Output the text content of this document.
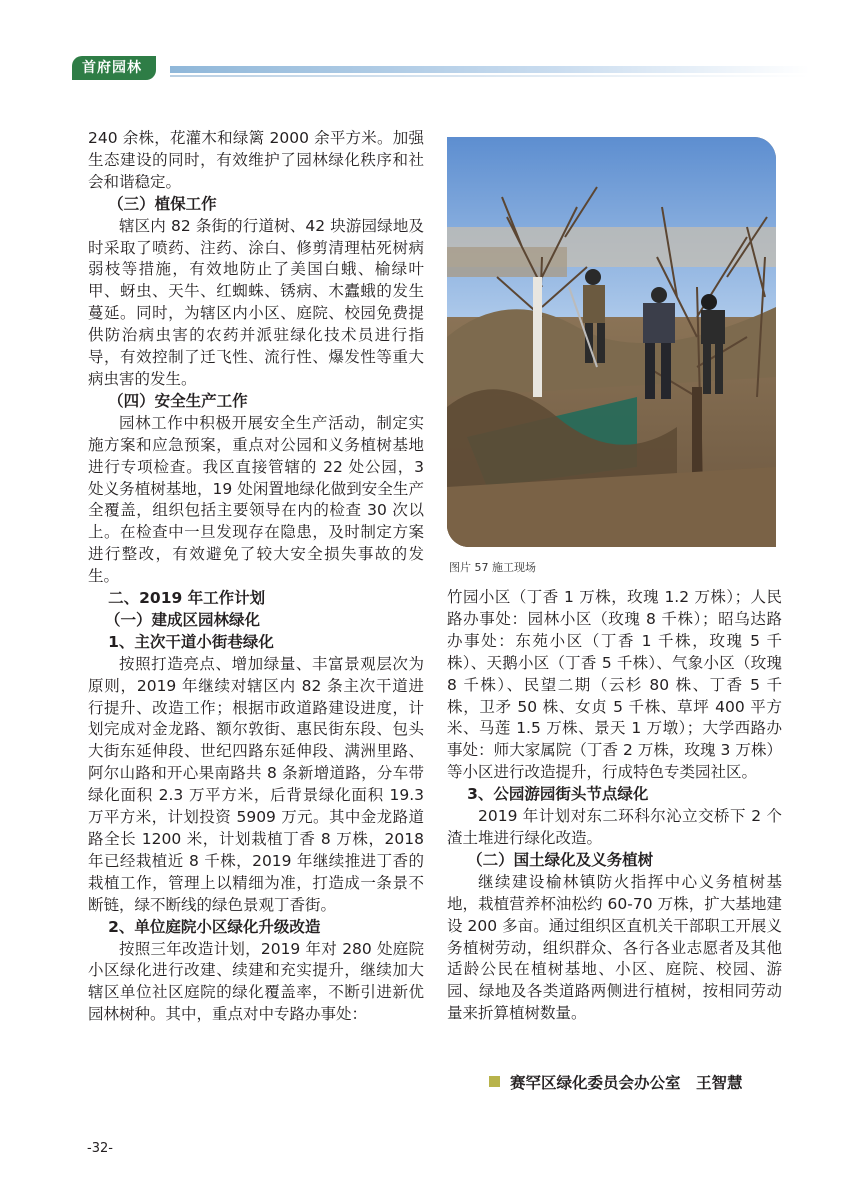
首府园林

240 余株，花灌木和绿篱 2000 余平方米。加强生态建设的同时，有效维护了园林绿化秩序和社会和谐稳定。

（三）植保工作

辖区内 82 条街的行道树、42 块游园绿地及时采取了喷药、注药、涂白、修剪清理枯死树病弱枝等措施，有效地防止了美国白蛾、榆绿叶甲、蚜虫、天牛、红蜘蛛、锈病、木蠹蛾的发生蔓延。同时，为辖区内小区、庭院、校园免费提供防治病虫害的农药并派驻绿化技术员进行指导，有效控制了迁飞性、流行性、爆发性等重大病虫害的发生。

（四）安全生产工作

园林工作中积极开展安全生产活动，制定实施方案和应急预案，重点对公园和义务植树基地进行专项检查。我区直接管辖的 22 处公园，3 处义务植树基地，19 处闲置地绿化做到安全生产全覆盖，组织包括主要领导在内的检查 30 次以上。在检查中一旦发现存在隐患，及时制定方案进行整改，有效避免了较大安全损失事故的发生。

二、2019 年工作计划

（一）建成区园林绿化

1、主次干道小街巷绿化

按照打造亮点、增加绿量、丰富景观层次为原则，2019 年继续对辖区内 82 条主次干道进行提升、改造工作；根据市政道路建设进度，计划完成对金龙路、额尔敦街、惠民街东段、包头大街东延伸段、世纪四路东延伸段、满洲里路、阿尔山路和开心果南路共 8 条新增道路，分车带绿化面积 2.3 万平方米，后背景绿化面积 19.3 万平方米，计划投资 5909 万元。其中金龙路道路全长 1200 米，计划栽植丁香 8 万株，2018 年已经栽植近 8 千株，2019 年继续推进丁香的栽植工作，管理上以精细为准，打造成一条景不断链，绿不断线的绿色景观丁香街。

2、单位庭院小区绿化升级改造

按照三年改造计划，2019 年对 280 处庭院小区绿化进行改建、续建和充实提升，继续加大辖区单位社区庭院的绿化覆盖率，不断引进新优园林树种。其中，重点对中专路办事处：

图片 57 施工现场

竹园小区（丁香 1 万株，玫瑰 1.2 万株）；人民路办事处：园林小区（玫瑰 8 千株）；昭乌达路办事处：东苑小区（丁香 1 千株，玫瑰 5 千株）、天鹅小区（丁香 5 千株）、气象小区（玫瑰 8 千株）、民望二期（云杉 80 株、丁香 5 千株，卫矛 50 株、女贞 5 千株、草坪 400 平方米、马莲 1.5 万株、景天 1 万墩）；大学西路办事处：师大家属院（丁香 2 万株，玫瑰 3 万株）等小区进行改造提升，行成特色专类园社区。

3、公园游园街头节点绿化

2019 年计划对东二环科尔沁立交桥下 2 个渣土堆进行绿化改造。

（二）国土绿化及义务植树

继续建设榆林镇防火指挥中心义务植树基地，栽植营养杯油松约 60-70 万株，扩大基地建设 200 多亩。通过组织区直机关干部职工开展义务植树劳动，组织群众、各行各业志愿者及其他适龄公民在植树基地、小区、庭院、校园、游园、绿地及各类道路两侧进行植树，按相同劳动量来折算植树数量。

赛罕区绿化委员会办公室　王智慧
-32-
